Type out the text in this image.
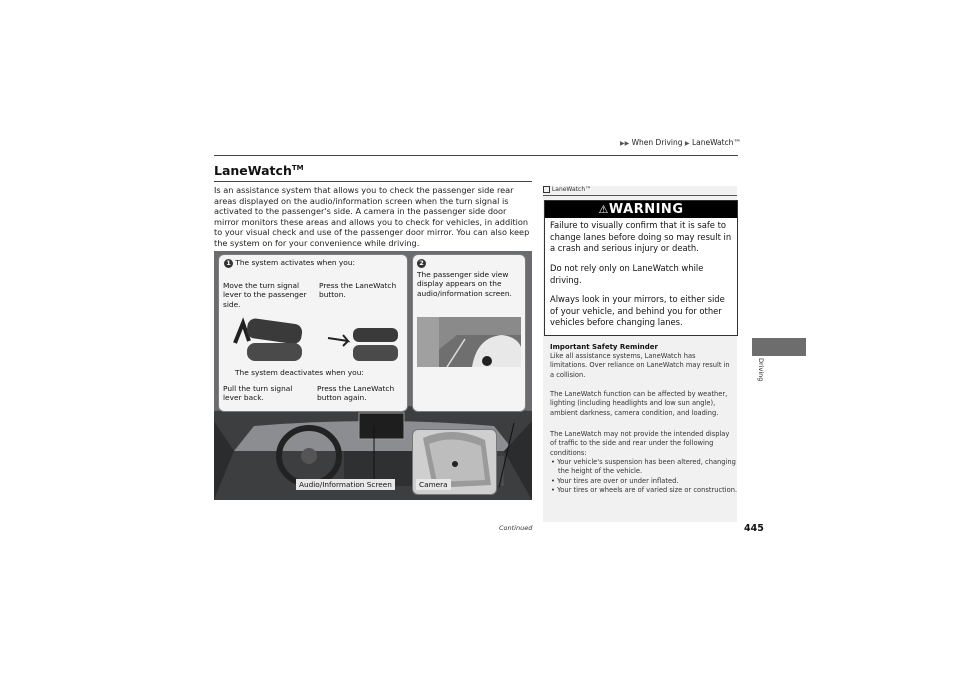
▶▶ When Driving ▶ LaneWatch™
LaneWatch™
Is an assistance system that allows you to check the passenger side rear areas displayed on the audio/information screen when the turn signal is activated to the passenger's side. A camera in the passenger side door mirror monitors these areas and allows you to check for vehicles, in addition to your visual check and use of the passenger door mirror. You can also keep the system on for your convenience while driving.
1 The system activates when you:
Move the turn signal lever to the passenger side.
Press the LaneWatch button.
The system deactivates when you:
Pull the turn signal lever back.
Press the LaneWatch button again.
2
The passenger side view display appears on the audio/information screen.
Audio/Information Screen	Camera
LaneWatch™
⚠WARNING
Failure to visually confirm that it is safe to change lanes before doing so may result in a crash and serious injury or death.
Do not rely only on LaneWatch while driving.
Always look in your mirrors, to either side of your vehicle, and behind you for other vehicles before changing lanes.
Important Safety Reminder
Like all assistance systems, LaneWatch has limitations. Over reliance on LaneWatch may result in a collision.
The LaneWatch function can be affected by weather, lighting (including headlights and low sun angle), ambient darkness, camera condition, and loading.
The LaneWatch may not provide the intended display of traffic to the side and rear under the following conditions:
• Your vehicle's suspension has been altered, changing the height of the vehicle.
• Your tires are over or under inflated.
• Your tires or wheels are of varied size or construction.
Driving
Continued	445
